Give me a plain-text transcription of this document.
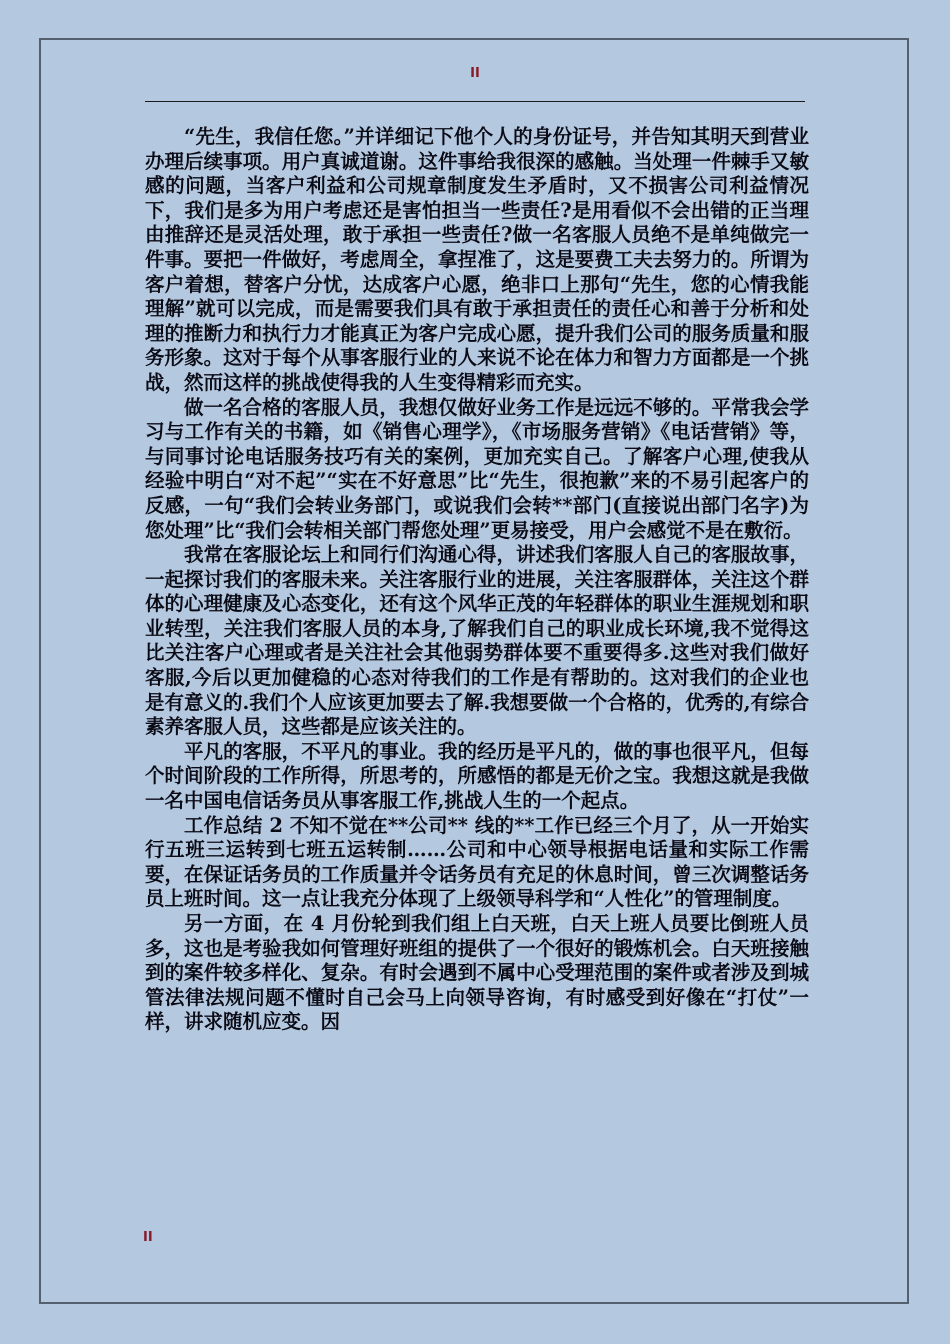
II

“先生，我信任您。”并详细记下他个人的身份证号，并告知其明天到营业办理后续事项。用户真诚道谢。这件事给我很深的感触。当处理一件棘手又敏感的问题，当客户利益和公司规章制度发生矛盾时，又不损害公司利益情况下，我们是多为用户考虑还是害怕担当一些责任?是用看似不会出错的正当理由推辞还是灵活处理，敢于承担一些责任?做一名客服人员绝不是单纯做完一件事。要把一件做好，考虑周全，拿捏准了，这是要费工夫去努力的。所谓为客户着想，替客户分忧，达成客户心愿，绝非口上那句“先生，您的心情我能理解”就可以完成，而是需要我们具有敢于承担责任的责任心和善于分析和处理的推断力和执行力才能真正为客户完成心愿，提升我们公司的服务质量和服务形象。这对于每个从事客服行业的人来说不论在体力和智力方面都是一个挑战，然而这样的挑战使得我的人生变得精彩而充实。

做一名合格的客服人员，我想仅做好业务工作是远远不够的。平常我会学习与工作有关的书籍，如《销售心理学》，《市场服务营销》《电话营销》等，与同事讨论电话服务技巧有关的案例，更加充实自己。了解客户心理,使我从经验中明白“对不起”“实在不好意思”比“先生，很抱歉”来的不易引起客户的反感，一句“我们会转业务部门，或说我们会转**部门(直接说出部门名字)为您处理”比“我们会转相关部门帮您处理”更易接受，用户会感觉不是在敷衍。

我常在客服论坛上和同行们沟通心得，讲述我们客服人自己的客服故事，一起探讨我们的客服未来。关注客服行业的进展，关注客服群体，关注这个群体的心理健康及心态变化，还有这个风华正茂的年轻群体的职业生涯规划和职业转型，关注我们客服人员的本身,了解我们自己的职业成长环境,我不觉得这比关注客户心理或者是关注社会其他弱势群体要不重要得多.这些对我们做好客服,今后以更加健稳的心态对待我们的工作是有帮助的。这对我们的企业也是有意义的.我们个人应该更加要去了解.我想要做一个合格的，优秀的,有综合素养客服人员，这些都是应该关注的。

平凡的客服，不平凡的事业。我的经历是平凡的，做的事也很平凡，但每个时间阶段的工作所得，所思考的，所感悟的都是无价之宝。我想这就是我做一名中国电信话务员从事客服工作,挑战人生的一个起点。

工作总结 2 不知不觉在**公司** 线的**工作已经三个月了，从一开始实行五班三运转到七班五运转制……公司和中心领导根据电话量和实际工作需要，在保证话务员的工作质量并令话务员有充足的休息时间，曾三次调整话务员上班时间。这一点让我充分体现了上级领导科学和“人性化”的管理制度。

另一方面，在 4 月份轮到我们组上白天班，白天上班人员要比倒班人员多，这也是考验我如何管理好班组的提供了一个很好的锻炼机会。白天班接触到的案件较多样化、复杂。有时会遇到不属中心受理范围的案件或者涉及到城管法律法规问题不懂时自己会马上向领导咨询，有时感受到好像在“打仗”一样，讲求随机应变。因

II
